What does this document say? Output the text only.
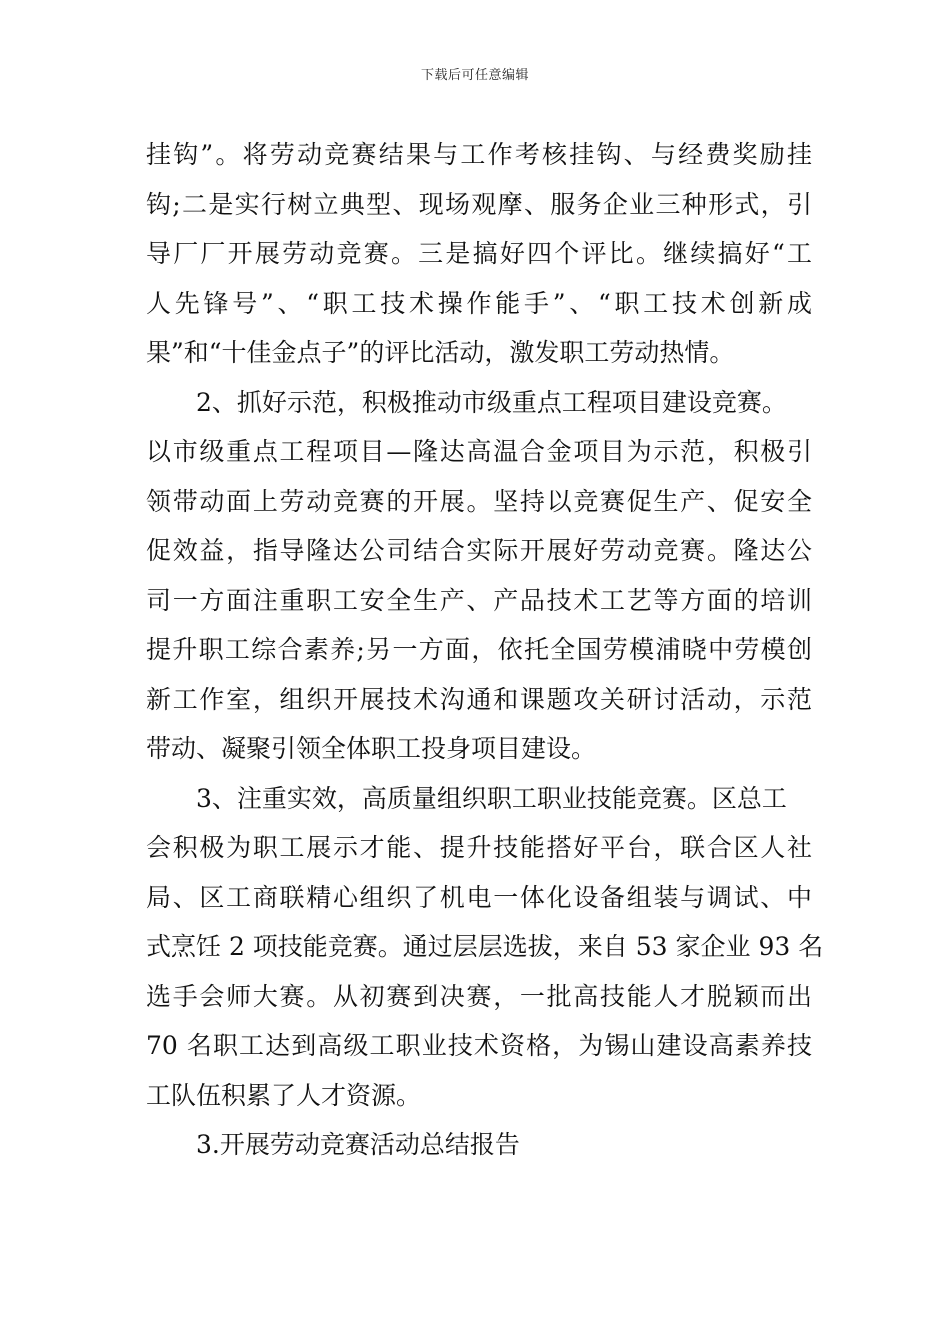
下载后可任意编辑
挂钩”。将劳动竞赛结果与工作考核挂钩、与经费奖励挂
钩;二是实行树立典型、现场观摩、服务企业三种形式，引
导厂厂开展劳动竞赛。三是搞好四个评比。继续搞好“工
人先锋号”、“职工技术操作能手”、“职工技术创新成
果”和“十佳金点子”的评比活动，激发职工劳动热情。
2、抓好示范，积极推动市级重点工程项目建设竞赛。
以市级重点工程项目—隆达高温合金项目为示范，积极引
领带动面上劳动竞赛的开展。坚持以竞赛促生产、促安全
促效益，指导隆达公司结合实际开展好劳动竞赛。隆达公
司一方面注重职工安全生产、产品技术工艺等方面的培训
提升职工综合素养;另一方面，依托全国劳模浦晓中劳模创
新工作室，组织开展技术沟通和课题攻关研讨活动，示范
带动、凝聚引领全体职工投身项目建设。
3、注重实效，高质量组织职工职业技能竞赛。区总工
会积极为职工展示才能、提升技能搭好平台，联合区人社
局、区工商联精心组织了机电一体化设备组装与调试、中
式烹饪 2 项技能竞赛。通过层层选拔，来自 53 家企业 93 名
选手会师大赛。从初赛到决赛，一批高技能人才脱颖而出
70 名职工达到高级工职业技术资格，为锡山建设高素养技
工队伍积累了人才资源。
3.开展劳动竞赛活动总结报告
